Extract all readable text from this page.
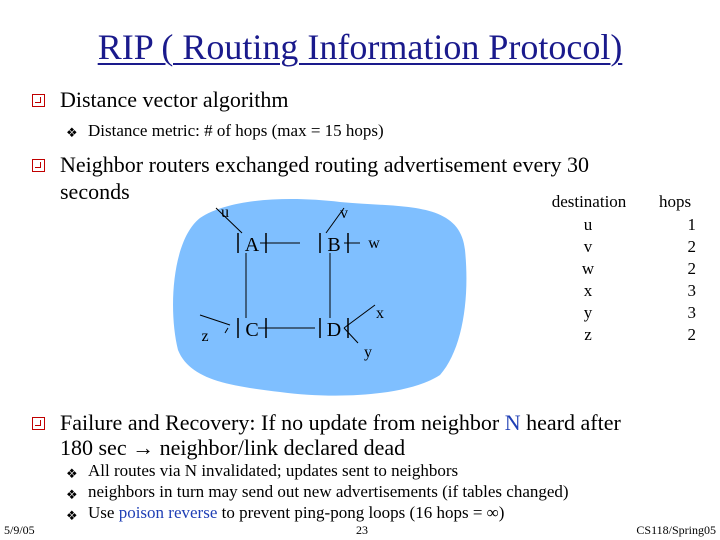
RIP ( Routing Information Protocol)
Distance vector algorithm
❖ Distance metric: # of hops (max = 15 hops)
Neighbor routers exchanged routing advertisement every 30
seconds
A	B
C	D
u	v
w
x
y
z
destination	hops
u	1
v	2
w	2
x	3
y	3
z	2
Failure and Recovery: If no update from neighbor N heard after
180 sec → neighbor/link declared dead
❖ All routes via N invalidated; updates sent to neighbors
❖ neighbors in turn may send out new advertisements (if tables changed)
❖ Use poison reverse to prevent ping-pong loops (16 hops = ∞)
5/9/05	23	CS118/Spring05
